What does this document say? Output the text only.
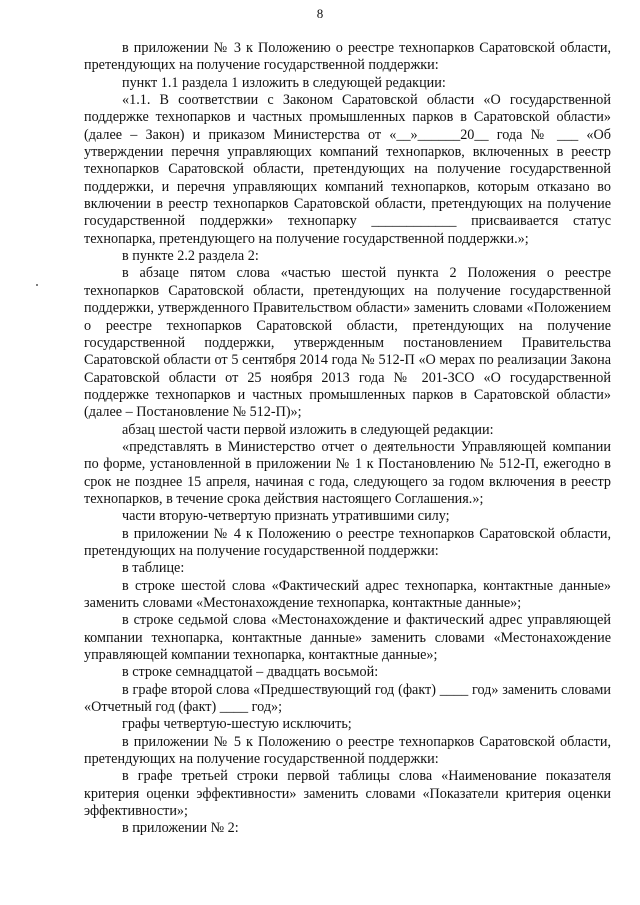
8

в приложении № 3 к Положению о реестре технопарков Саратовской области, претендующих на получение государственной поддержки:

пункт 1.1 раздела 1 изложить в следующей редакции:

«1.1. В соответствии с Законом Саратовской области «О государственной поддержке технопарков и частных промышленных парков в Саратовской области» (далее – Закон) и приказом Министерства от «__»______20__ года № ___ «Об утверждении перечня управляющих компаний технопарков, включенных в реестр технопарков Саратовской области, претендующих на получение государственной поддержки, и перечня управляющих компаний технопарков, которым отказано во включении в реестр технопарков Саратовской области, претендующих на получение государственной поддержки» технопарку ____________ присваивается статус технопарка, претендующего на получение государственной поддержки.»;

в пункте 2.2 раздела 2:

в абзаце пятом слова «частью шестой пункта 2 Положения о реестре технопарков Саратовской области, претендующих на получение государственной поддержки, утвержденного Правительством области» заменить словами «Положением о реестре технопарков Саратовской области, претендующих на получение государственной поддержки, утвержденным постановлением Правительства Саратовской области от 5 сентября 2014 года № 512-П «О мерах по реализации Закона Саратовской области от 25 ноября 2013 года № 201-ЗСО «О государственной поддержке технопарков и частных промышленных парков в Саратовской области» (далее – Постановление № 512-П)»;

абзац шестой части первой изложить в следующей редакции:

«представлять в Министерство отчет о деятельности Управляющей компании по форме, установленной в приложении № 1 к Постановлению № 512-П, ежегодно в срок не позднее 15 апреля, начиная с года, следующего за годом включения в реестр технопарков, в течение срока действия настоящего Соглашения.»;

части вторую-четвертую признать утратившими силу;

в приложении № 4 к Положению о реестре технопарков Саратовской области, претендующих на получение государственной поддержки:

в таблице:

в строке шестой слова «Фактический адрес технопарка, контактные данные» заменить словами «Местонахождение технопарка, контактные данные»;

в строке седьмой слова «Местонахождение и фактический адрес управляющей компании технопарка, контактные данные» заменить словами «Местонахождение управляющей компании технопарка, контактные данные»;

в строке семнадцатой – двадцать восьмой:

в графе второй слова «Предшествующий год (факт) ____ год» заменить словами «Отчетный год (факт) ____ год»;

графы четвертую-шестую исключить;

в приложении № 5 к Положению о реестре технопарков Саратовской области, претендующих на получение государственной поддержки:

в графе третьей строки первой таблицы слова «Наименование показателя критерия оценки эффективности» заменить словами «Показатели критерия оценки эффективности»;

в приложении № 2:
